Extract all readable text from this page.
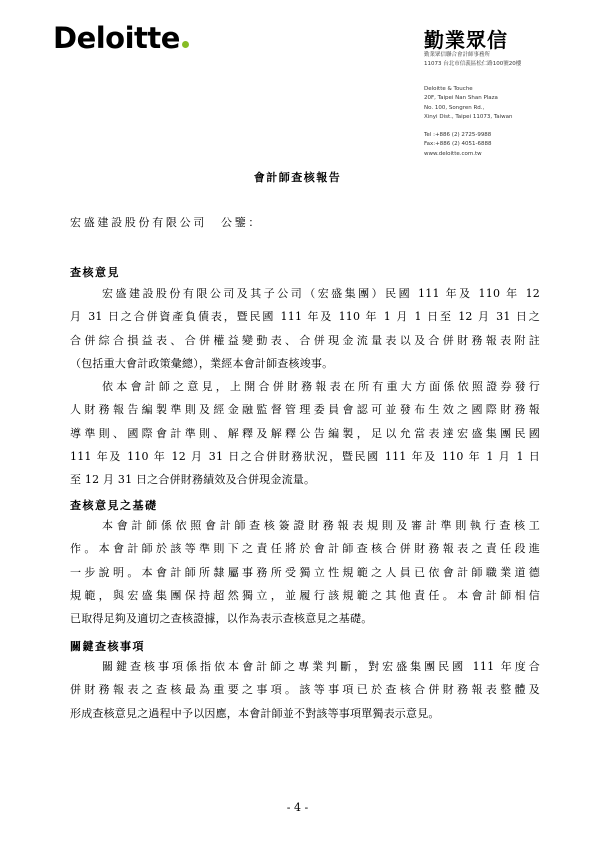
Deloitte	勤業眾信
勤業眾信聯合會計師事務所
11073 台北市信義區松仁路100號20樓
Deloitte & Touche
20F, Taipei Nan Shan Plaza
No. 100, Songren Rd.,
Xinyi Dist., Taipei 11073, Taiwan
Tel :+886 (2) 2725-9988
Fax:+886 (2) 4051-6888
www.deloitte.com.tw
會計師查核報告
宏盛建設股份有限公司 公鑒：
查核意見
宏盛建設股份有限公司及其子公司（宏盛集團）民國 111 年及 110 年 12
月 31 日之合併資產負債表，暨民國 111 年及 110 年 1 月 1 日至 12 月 31 日之
合併綜合損益表、合併權益變動表、合併現金流量表以及合併財務報表附註
（包括重大會計政策彙總），業經本會計師查核竣事。
依本會計師之意見，上開合併財務報表在所有重大方面係依照證券發行
人財務報告編製準則及經金融監督管理委員會認可並發布生效之國際財務報
導準則、國際會計準則、解釋及解釋公告編製，足以允當表達宏盛集團民國
111 年及 110 年 12 月 31 日之合併財務狀況，暨民國 111 年及 110 年 1 月 1 日
至 12 月 31 日之合併財務績效及合併現金流量。
查核意見之基礎
本會計師係依照會計師查核簽證財務報表規則及審計準則執行查核工
作。本會計師於該等準則下之責任將於會計師查核合併財務報表之責任段進
一步說明。本會計師所隸屬事務所受獨立性規範之人員已依會計師職業道德
規範，與宏盛集團保持超然獨立，並履行該規範之其他責任。本會計師相信
已取得足夠及適切之查核證據，以作為表示查核意見之基礎。
關鍵查核事項
關鍵查核事項係指依本會計師之專業判斷，對宏盛集團民國 111 年度合
併財務報表之查核最為重要之事項。該等事項已於查核合併財務報表整體及
形成查核意見之過程中予以因應，本會計師並不對該等事項單獨表示意見。
- 4 -
